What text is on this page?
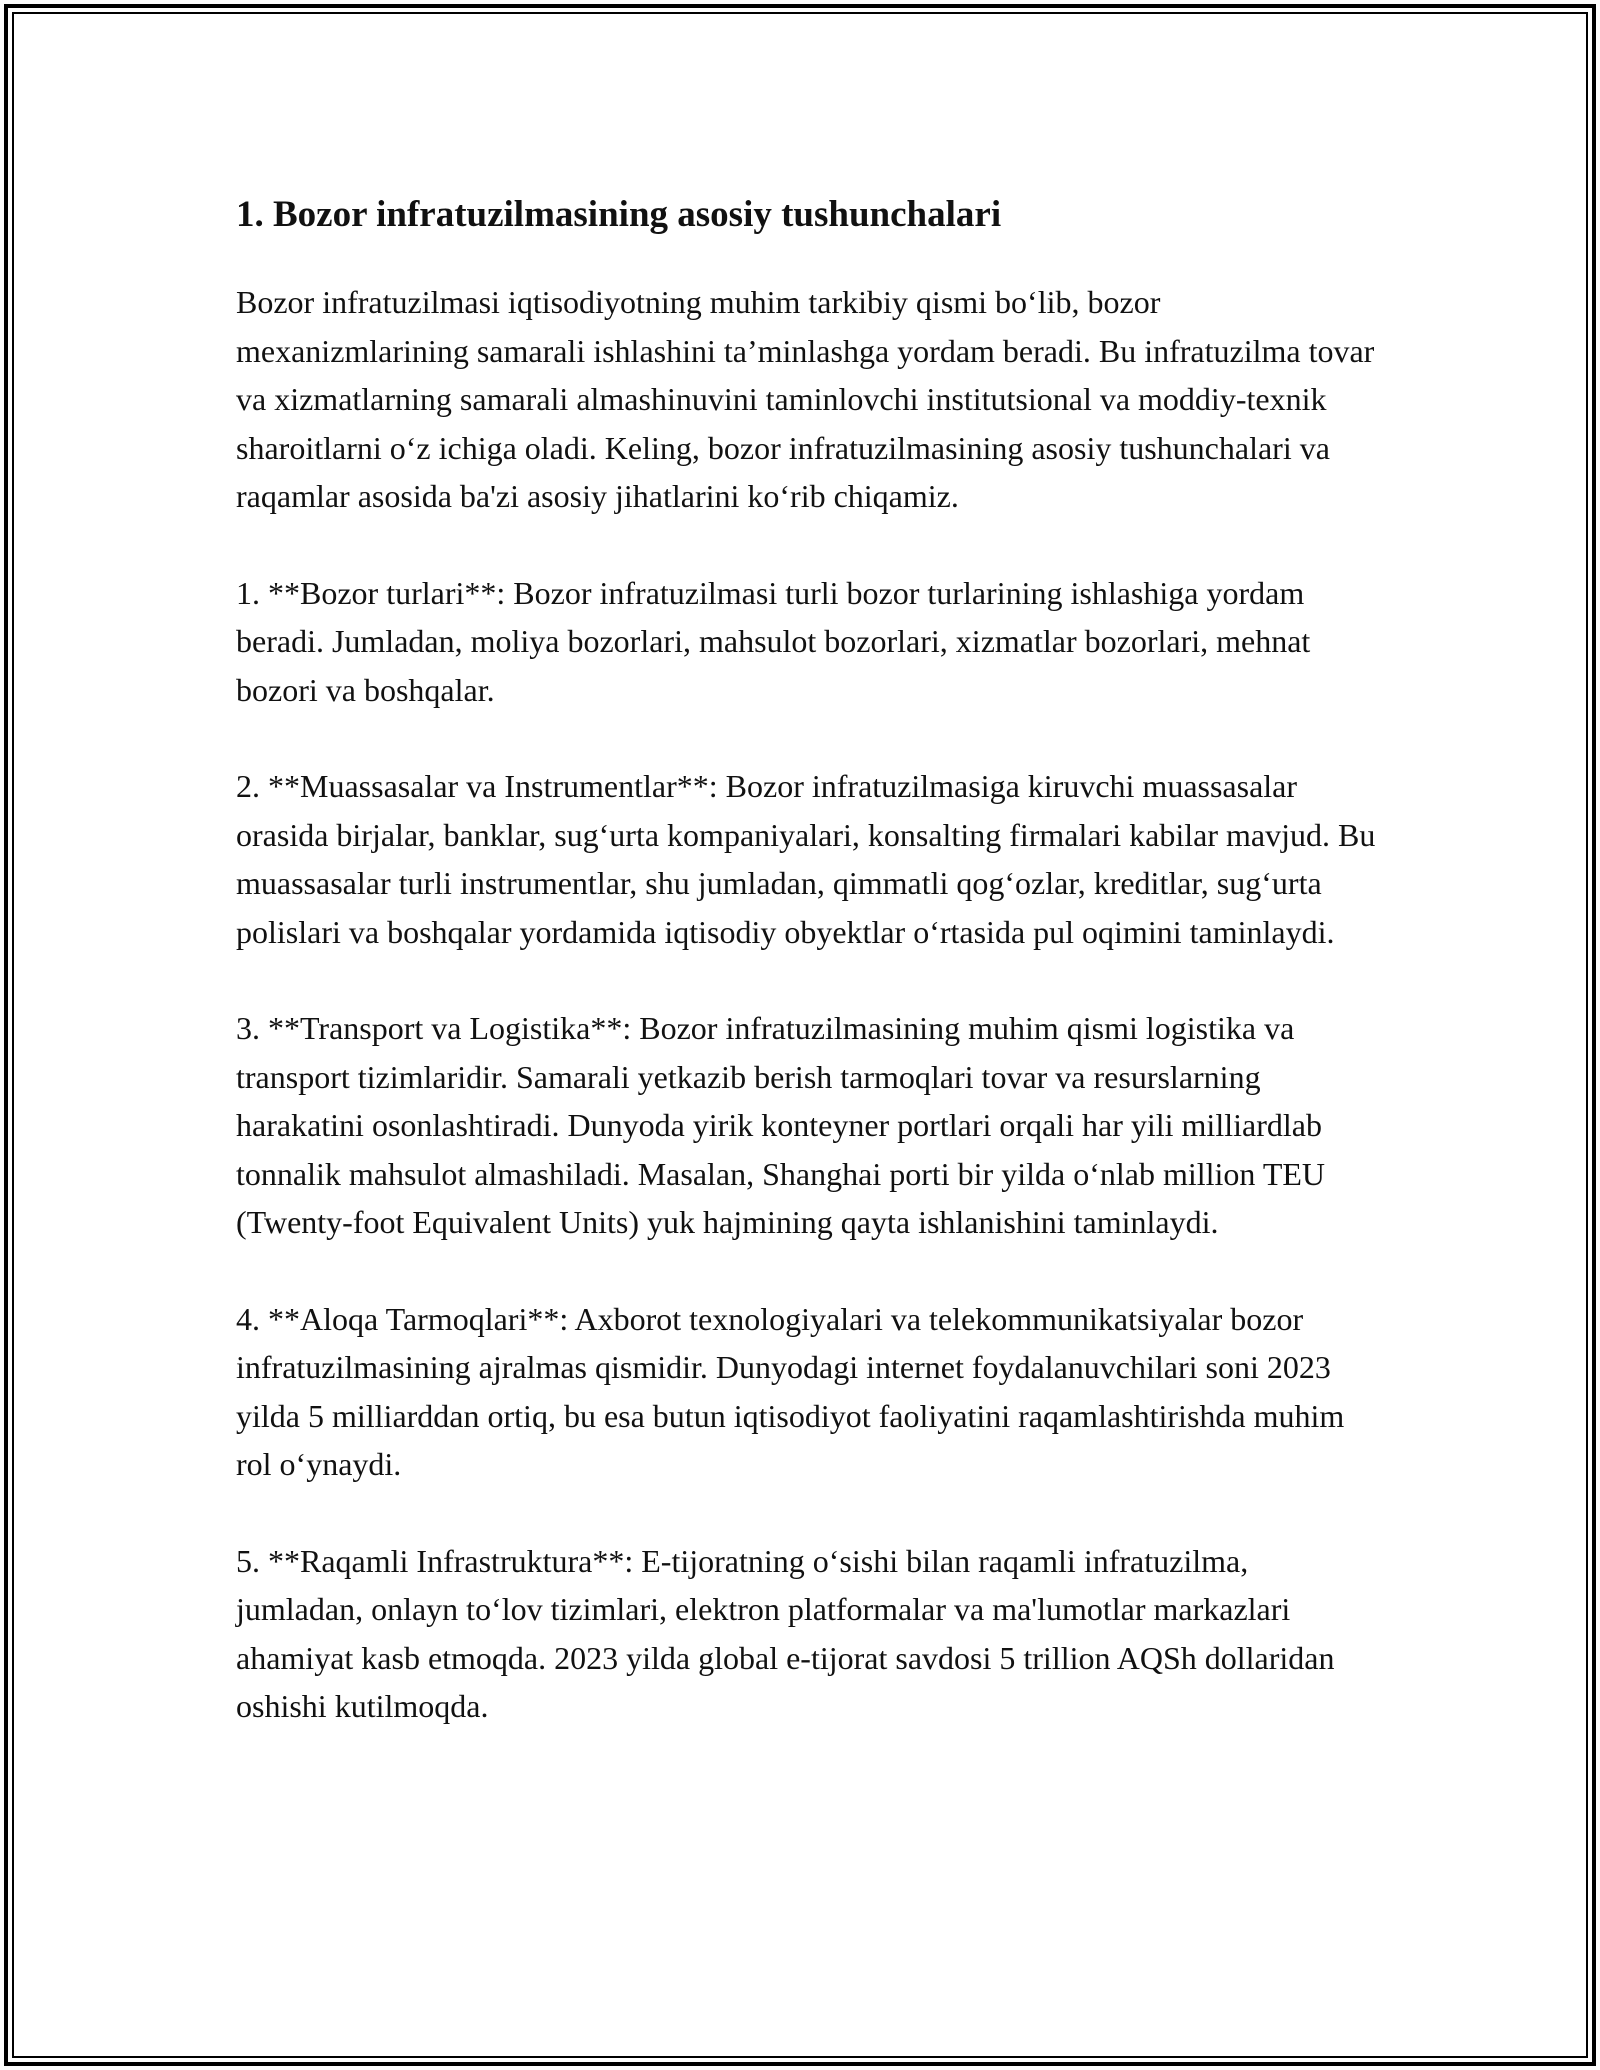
1. Bozor infratuzilmasining asosiy tushunchalari

Bozor infratuzilmasi iqtisodiyotning muhim tarkibiy qismi bo‘lib, bozor mexanizmlarining samarali ishlashini ta’minlashga yordam beradi. Bu infratuzilma tovar va xizmatlarning samarali almashinuvini taminlovchi institutsional va moddiy-texnik sharoitlarni o‘z ichiga oladi. Keling, bozor infratuzilmasining asosiy tushunchalari va raqamlar asosida ba'zi asosiy jihatlarini ko‘rib chiqamiz.

1. **Bozor turlari**: Bozor infratuzilmasi turli bozor turlarining ishlashiga yordam beradi. Jumladan, moliya bozorlari, mahsulot bozorlari, xizmatlar bozorlari, mehnat bozori va boshqalar.

2. **Muassasalar va Instrumentlar**: Bozor infratuzilmasiga kiruvchi muassasalar orasida birjalar, banklar, sug‘urta kompaniyalari, konsalting firmalari kabilar mavjud. Bu muassasalar turli instrumentlar, shu jumladan, qimmatli qog‘ozlar, kreditlar, sug‘urta polislari va boshqalar yordamida iqtisodiy obyektlar o‘rtasida pul oqimini taminlaydi.

3. **Transport va Logistika**: Bozor infratuzilmasining muhim qismi logistika va transport tizimlaridir. Samarali yetkazib berish tarmoqlari tovar va resurslarning harakatini osonlashtiradi. Dunyoda yirik konteyner portlari orqali har yili milliardlab tonnalik mahsulot almashiladi. Masalan, Shanghai porti bir yilda o‘nlab million TEU (Twenty-foot Equivalent Units) yuk hajmining qayta ishlanishini taminlaydi.

4. **Aloqa Tarmoqlari**: Axborot texnologiyalari va telekommunikatsiyalar bozor infratuzilmasining ajralmas qismidir. Dunyodagi internet foydalanuvchilari soni 2023 yilda 5 milliarddan ortiq, bu esa butun iqtisodiyot faoliyatini raqamlashtirishda muhim rol o‘ynaydi.

5. **Raqamli Infrastruktura**: E-tijoratning o‘sishi bilan raqamli infratuzilma, jumladan, onlayn to‘lov tizimlari, elektron platformalar va ma'lumotlar markazlari ahamiyat kasb etmoqda. 2023 yilda global e-tijorat savdosi 5 trillion AQSh dollaridan oshishi kutilmoqda.
